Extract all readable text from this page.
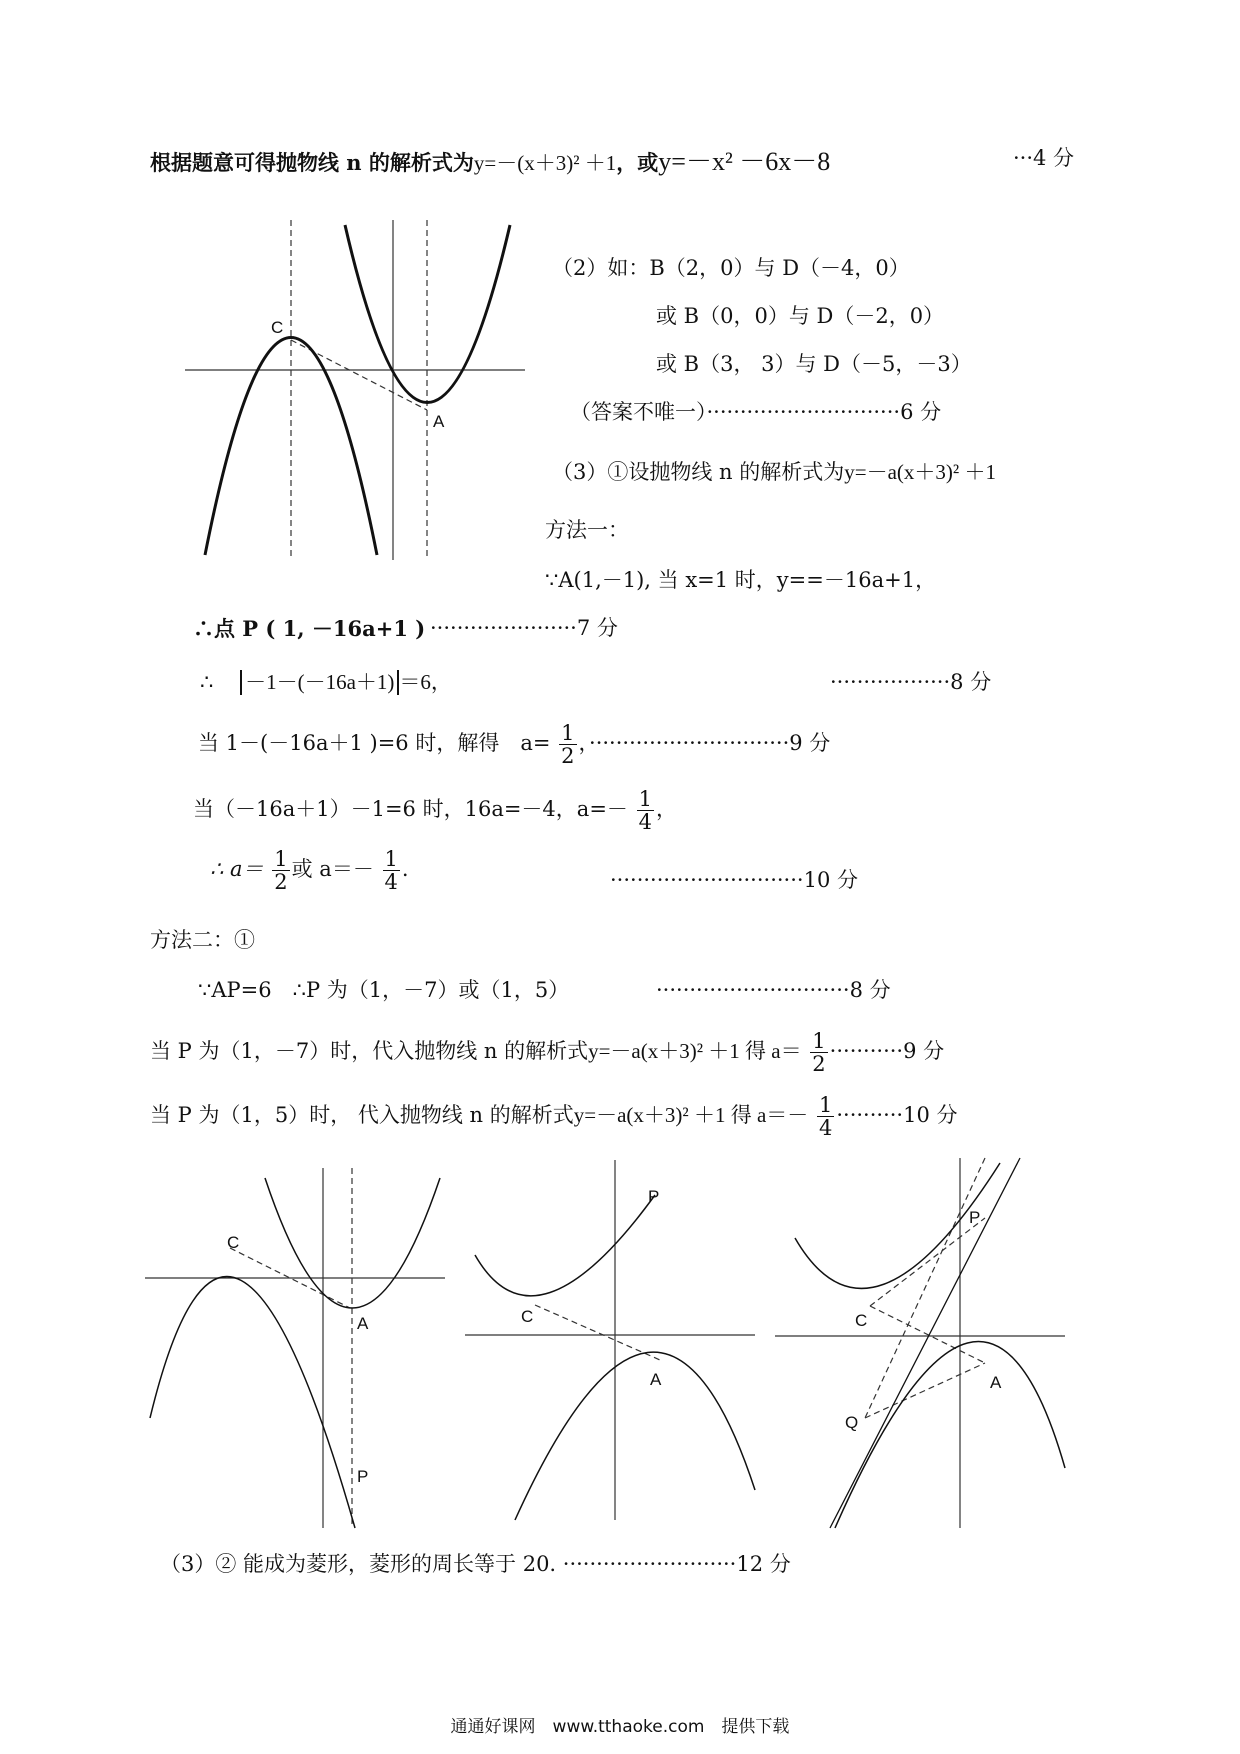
根据题意可得抛物线 n 的解析式为y=－(x＋3)² ＋1，或y=－x² －6x－8	···4 分
C
A
（2）如：B（2，0）与 D（－4，0）
或 B（0，0）与 D（－2，0）
或 B（3， 3）与 D（－5，－3）
（答案不唯一）·····························6 分
（3）①设抛物线 n 的解析式为y=－a(x＋3)² ＋1
方法一：
∵A(1,－1), 当 x=1 时，y==－16a+1，
∴点 P ( 1, －16a+1 ) ······················7 分
∴ －1－(－16a＋1) ＝6，	··················8 分
当 1－(－16a＋1 )=6 时，解得　$a= \frac{1}{2}$ ，······························9 分
当（－16a＋1）－1=6 时，16a=－4，$a=- \frac{1}{4}$ ，
∴ $a= \frac{1}{2}$ 或 $a=- \frac{1}{4}$ .	·····························10 分
方法二：①
∵AP=6　∴P 为（1，－7）或（1，5）	·····························8 分
当 P 为（1，－7）时，代入抛物线 n 的解析式y=－a(x＋3)² ＋1 得 $a= \frac{1}{2} \cdot\cdot\cdot\cdot\cdot\cdot\cdot\cdot\cdot\cdot\cdot 9$ 分
当 P 为（1，5）时， 代入抛物线 n 的解析式y=－a(x＋3)² ＋1 得 $a=- \frac{1}{4} \cdot\cdot\cdot\cdot\cdot\cdot\cdot\cdot\cdot\cdot 10$ 分
C
A
P
C
A
P
C
A
P
Q
（3）② 能成为菱形，菱形的周长等于 20. ··························12 分
通通好课网　www.tthaoke.com　提供下载
